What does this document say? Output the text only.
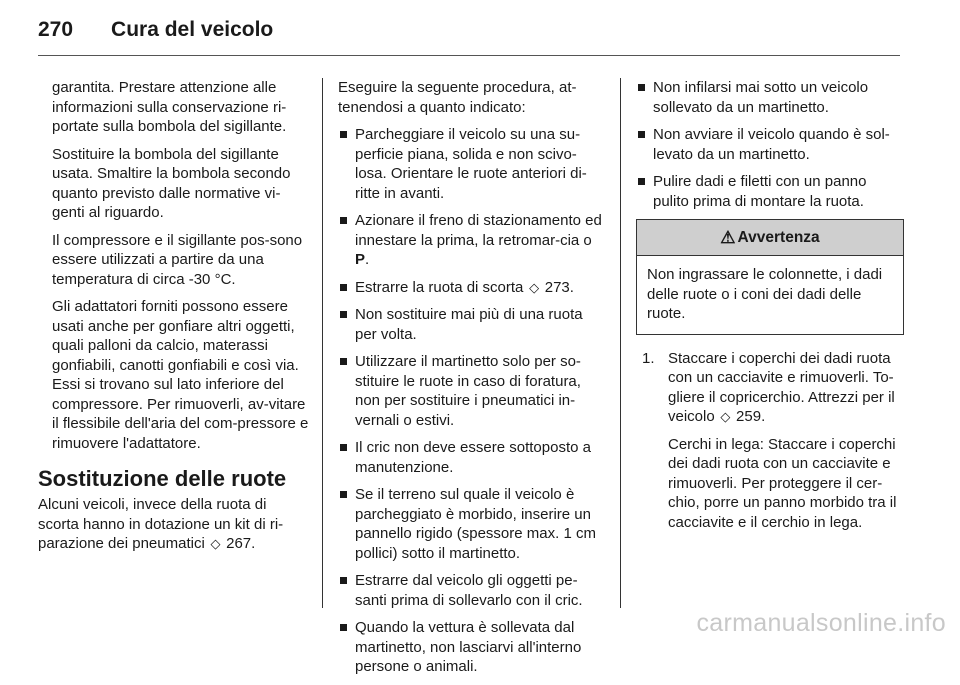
270 Cura del veicolo

garantita. Prestare attenzione alle informazioni sulla conservazione ri-portate sulla bombola del sigillante.

Sostituire la bombola del sigillante usata. Smaltire la bombola secondo quanto previsto dalle normative vi-genti al riguardo.

Il compressore e il sigillante pos-sono essere utilizzati a partire da una temperatura di circa -30 °C.

Gli adattatori forniti possono essere usati anche per gonfiare altri oggetti, quali palloni da calcio, materassi gonfiabili, canotti gonfiabili e così via. Essi si trovano sul lato inferiore del compressore. Per rimuoverli, av-vitare il flessibile dell'aria del com-pressore e rimuovere l'adattatore.

Sostituzione delle ruote

Alcuni veicoli, invece della ruota di scorta hanno in dotazione un kit di ri-parazione dei pneumatici ◇ 267.

Eseguire la seguente procedura, at-tenendosi a quanto indicato:

Parcheggiare il veicolo su una su-perficie piana, solida e non scivo-losa. Orientare le ruote anteriori di-ritte in avanti.
Azionare il freno di stazionamento ed innestare la prima, la retromar-cia o P.
Estrarre la ruota di scorta ◇ 273.
Non sostituire mai più di una ruota per volta.
Utilizzare il martinetto solo per so-stituire le ruote in caso di foratura, non per sostituire i pneumatici in-vernali o estivi.
Il cric non deve essere sottoposto a manutenzione.
Se il terreno sul quale il veicolo è parcheggiato è morbido, inserire un pannello rigido (spessore max. 1 cm pollici) sotto il martinetto.
Estrarre dal veicolo gli oggetti pe-santi prima di sollevarlo con il cric.
Quando la vettura è sollevata dal martinetto, non lasciarvi all'interno persone o animali.
Non infilarsi mai sotto un veicolo sollevato da un martinetto.
Non avviare il veicolo quando è sol-levato da un martinetto.
Pulire dadi e filetti con un panno pulito prima di montare la ruota.
⚠ Avvertenza
Non ingrassare le colonnette, i dadi delle ruote o i coni dei dadi delle ruote.
1. Staccare i coperchi dei dadi ruota con un cacciavite e rimuoverli. To-gliere il copricerchio. Attrezzi per il veicolo ◇ 259.

Cerchi in lega: Staccare i coperchi dei dadi ruota con un cacciavite e rimuoverli. Per proteggere il cer-chio, porre un panno morbido tra il cacciavite e il cerchio in lega.

carmanualsonline.info
